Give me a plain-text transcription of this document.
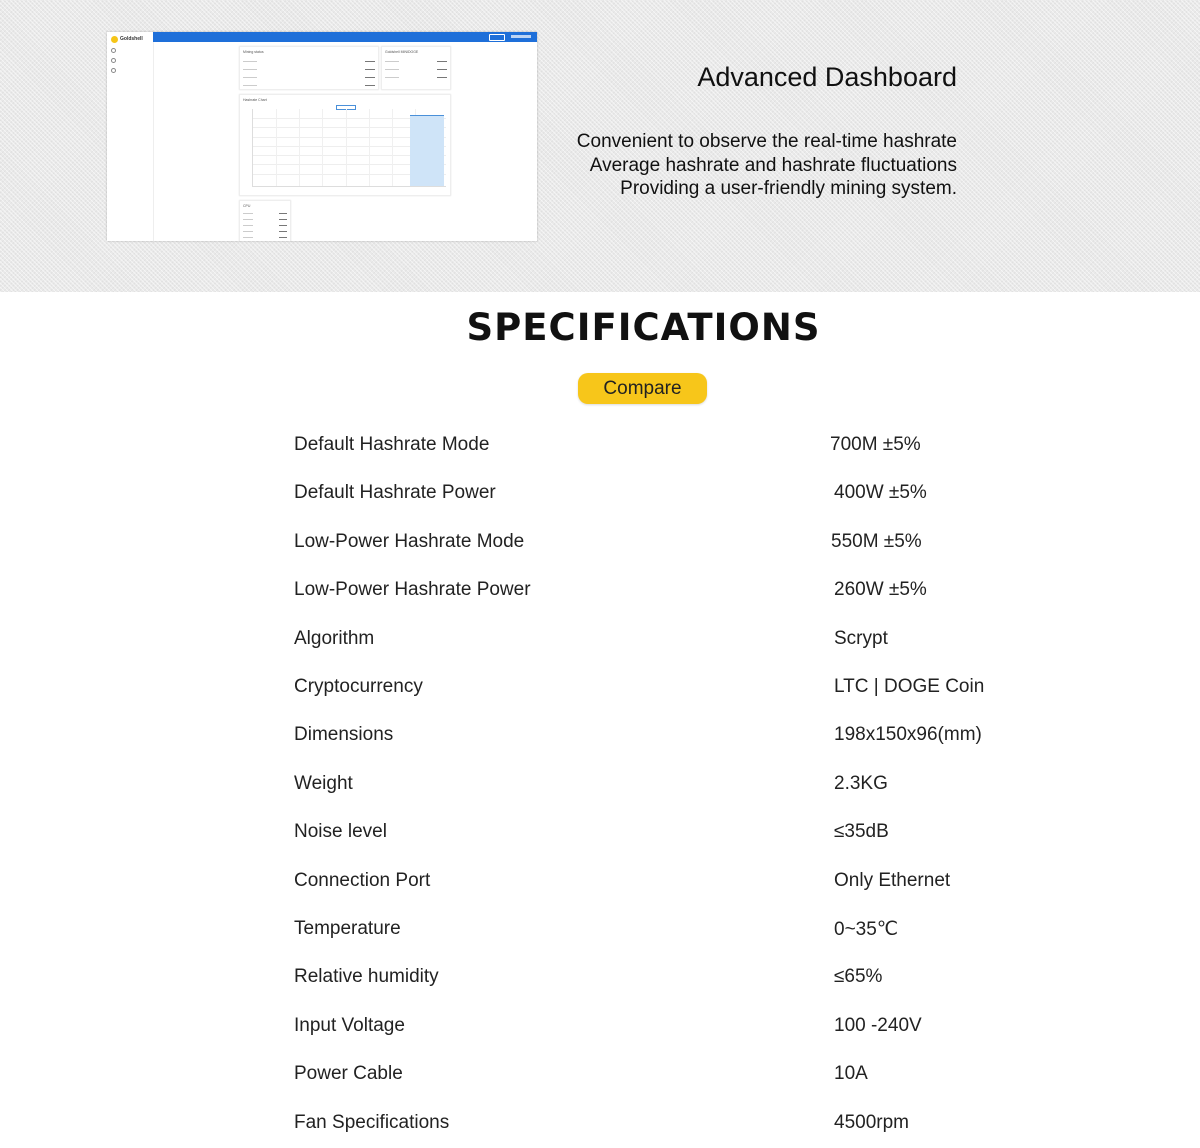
Goldshell
Mining status	Goldshell MINIDOGE
Hashrate Chart
CPU
Advanced Dashboard
Convenient to observe the real-time hashrate
Average hashrate and hashrate fluctuations
Providing a user-friendly mining system.
SPECIFICATIONS
Compare
Default Hashrate Mode	700M ±5%
Default Hashrate Power	400W ±5%
Low-Power Hashrate Mode	550M ±5%
Low-Power Hashrate Power	260W ±5%
Algorithm	Scrypt
Cryptocurrency	LTC | DOGE Coin
Dimensions	198x150x96(mm)
Weight	2.3KG
Noise level	≤35dB
Connection Port	Only Ethernet
Temperature	0~35℃
Relative humidity	≤65%
Input Voltage	100 -240V
Power Cable	10A
Fan Specifications	4500rpm
